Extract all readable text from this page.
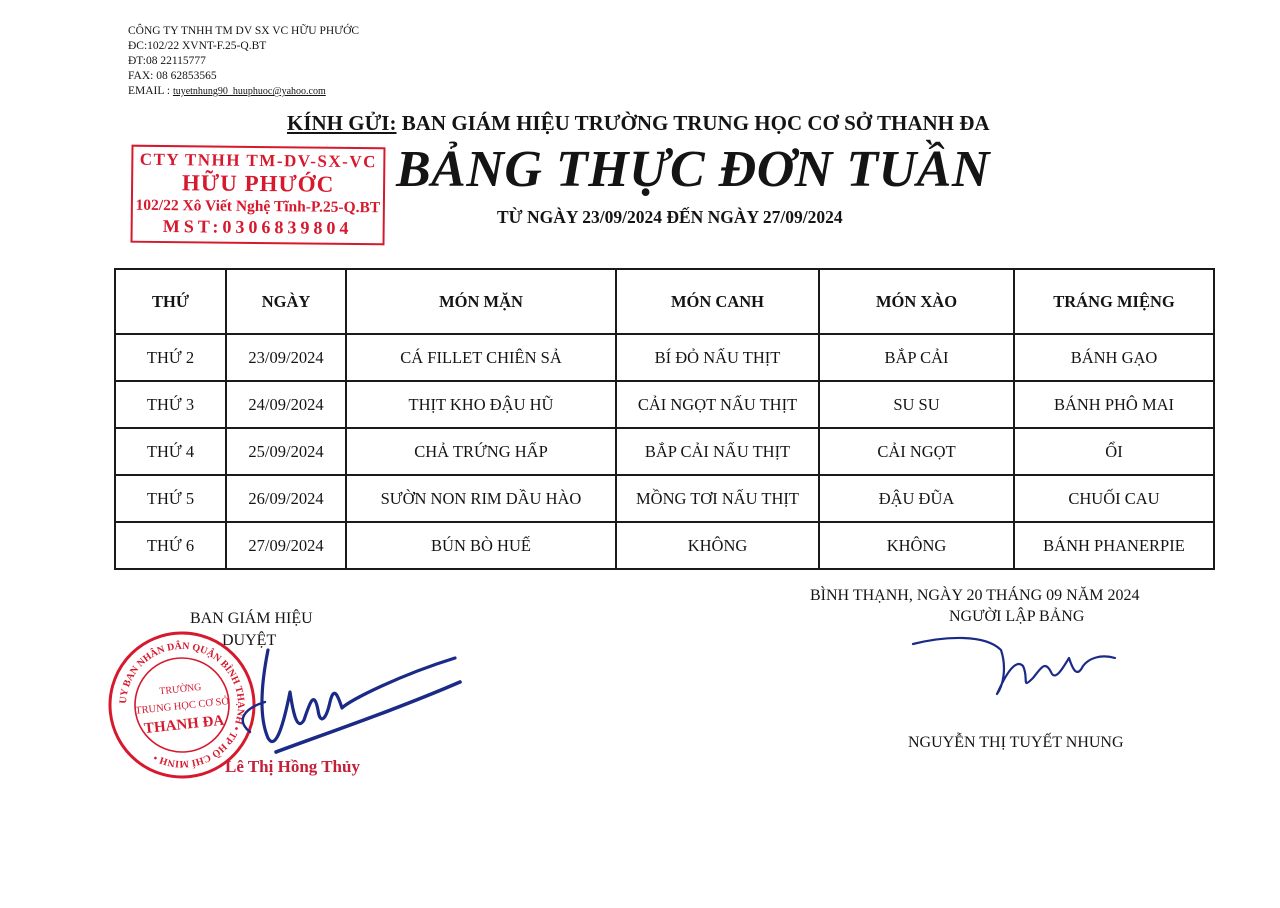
CÔNG TY TNHH TM DV SX VC HỮU PHƯỚC
ĐC:102/22 XVNT-F.25-Q.BT
ĐT:08 22115777
FAX: 08 62853565
EMAIL : tuyetnhung90_huuphuoc@yahoo.com
KÍNH GỬI: BAN GIÁM HIỆU TRƯỜNG TRUNG HỌC CƠ SỞ THANH ĐA
CTY TNHH TM-DV-SX-VC
HỮU PHƯỚC
102/22 Xô Viết Nghệ Tĩnh-P.25-Q.BT
MST:0306839804
BẢNG THỰC ĐƠN TUẦN
TỪ NGÀY 23/09/2024 ĐẾN NGÀY 27/09/2024
THỨ	NGÀY	MÓN MẶN	MÓN CANH	MÓN XÀO	TRÁNG MIỆNG
THỨ 2	23/09/2024	CÁ FILLET CHIÊN SẢ	BÍ ĐỎ NẤU THỊT	BẮP CẢI	BÁNH GẠO
THỨ 3	24/09/2024	THỊT KHO ĐẬU HŨ	CẢI NGỌT NẤU THỊT	SU SU	BÁNH PHÔ MAI
THỨ 4	25/09/2024	CHẢ TRỨNG HẤP	BẮP CẢI NẤU THỊT	CẢI NGỌT	ỔI
THỨ 5	26/09/2024	SƯỜN NON RIM DẦU HÀO	MỒNG TƠI NẤU THỊT	ĐẬU ĐŨA	CHUỐI CAU
THỨ 6	27/09/2024	BÚN BÒ HUẾ	KHÔNG	KHÔNG	BÁNH PHANERPIE
BAN GIÁM HIỆU
DUYỆT
UY BAN NHÂN DÂN QUẬN BÌNH THẠNH • TP HỒ CHÍ MINH •
TRƯỜNG
TRUNG HỌC CƠ SỞ
THANH ĐA
Lê Thị Hồng Thủy
BÌNH THẠNH, NGÀY 20 THÁNG 09 NĂM 2024
NGƯỜI LẬP BẢNG
NGUYỄN THỊ TUYẾT NHUNG
